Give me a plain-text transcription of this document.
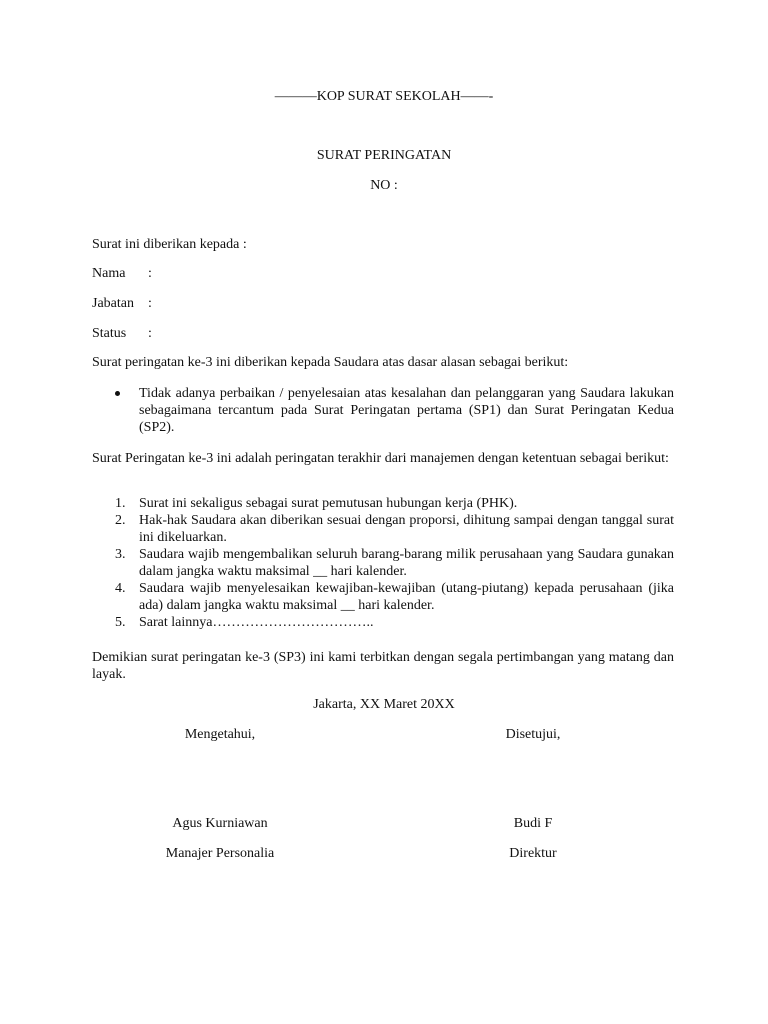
———KOP SURAT SEKOLAH——-
SURAT PERINGATAN
NO :
Surat ini diberikan kepada :
Nama :
Jabatan :
Status :
Surat peringatan ke-3 ini diberikan kepada Saudara atas dasar alasan sebagai berikut:
Tidak adanya perbaikan / penyelesaian atas kesalahan dan pelanggaran yang Saudara lakukan sebagaimana tercantum pada Surat Peringatan pertama (SP1) dan Surat Peringatan Kedua (SP2).
Surat Peringatan ke-3 ini adalah peringatan terakhir dari manajemen dengan ketentuan sebagai berikut:
1. Surat ini sekaligus sebagai surat pemutusan hubungan kerja (PHK).
2. Hak-hak Saudara akan diberikan sesuai dengan proporsi, dihitung sampai dengan tanggal surat ini dikeluarkan.
3. Saudara wajib mengembalikan seluruh barang-barang milik perusahaan yang Saudara gunakan dalam jangka waktu maksimal __ hari kalender.
4. Saudara wajib menyelesaikan kewajiban-kewajiban (utang-piutang) kepada perusahaan (jika ada) dalam jangka waktu maksimal __ hari kalender.
5. Sarat lainnya……………………………..
Demikian surat peringatan ke-3 (SP3) ini kami terbitkan dengan segala pertimbangan yang matang dan layak.
Jakarta, XX Maret 20XX
Mengetahui,	Disetujui,
Agus Kurniawan	Budi F
Manajer Personalia	Direktur
